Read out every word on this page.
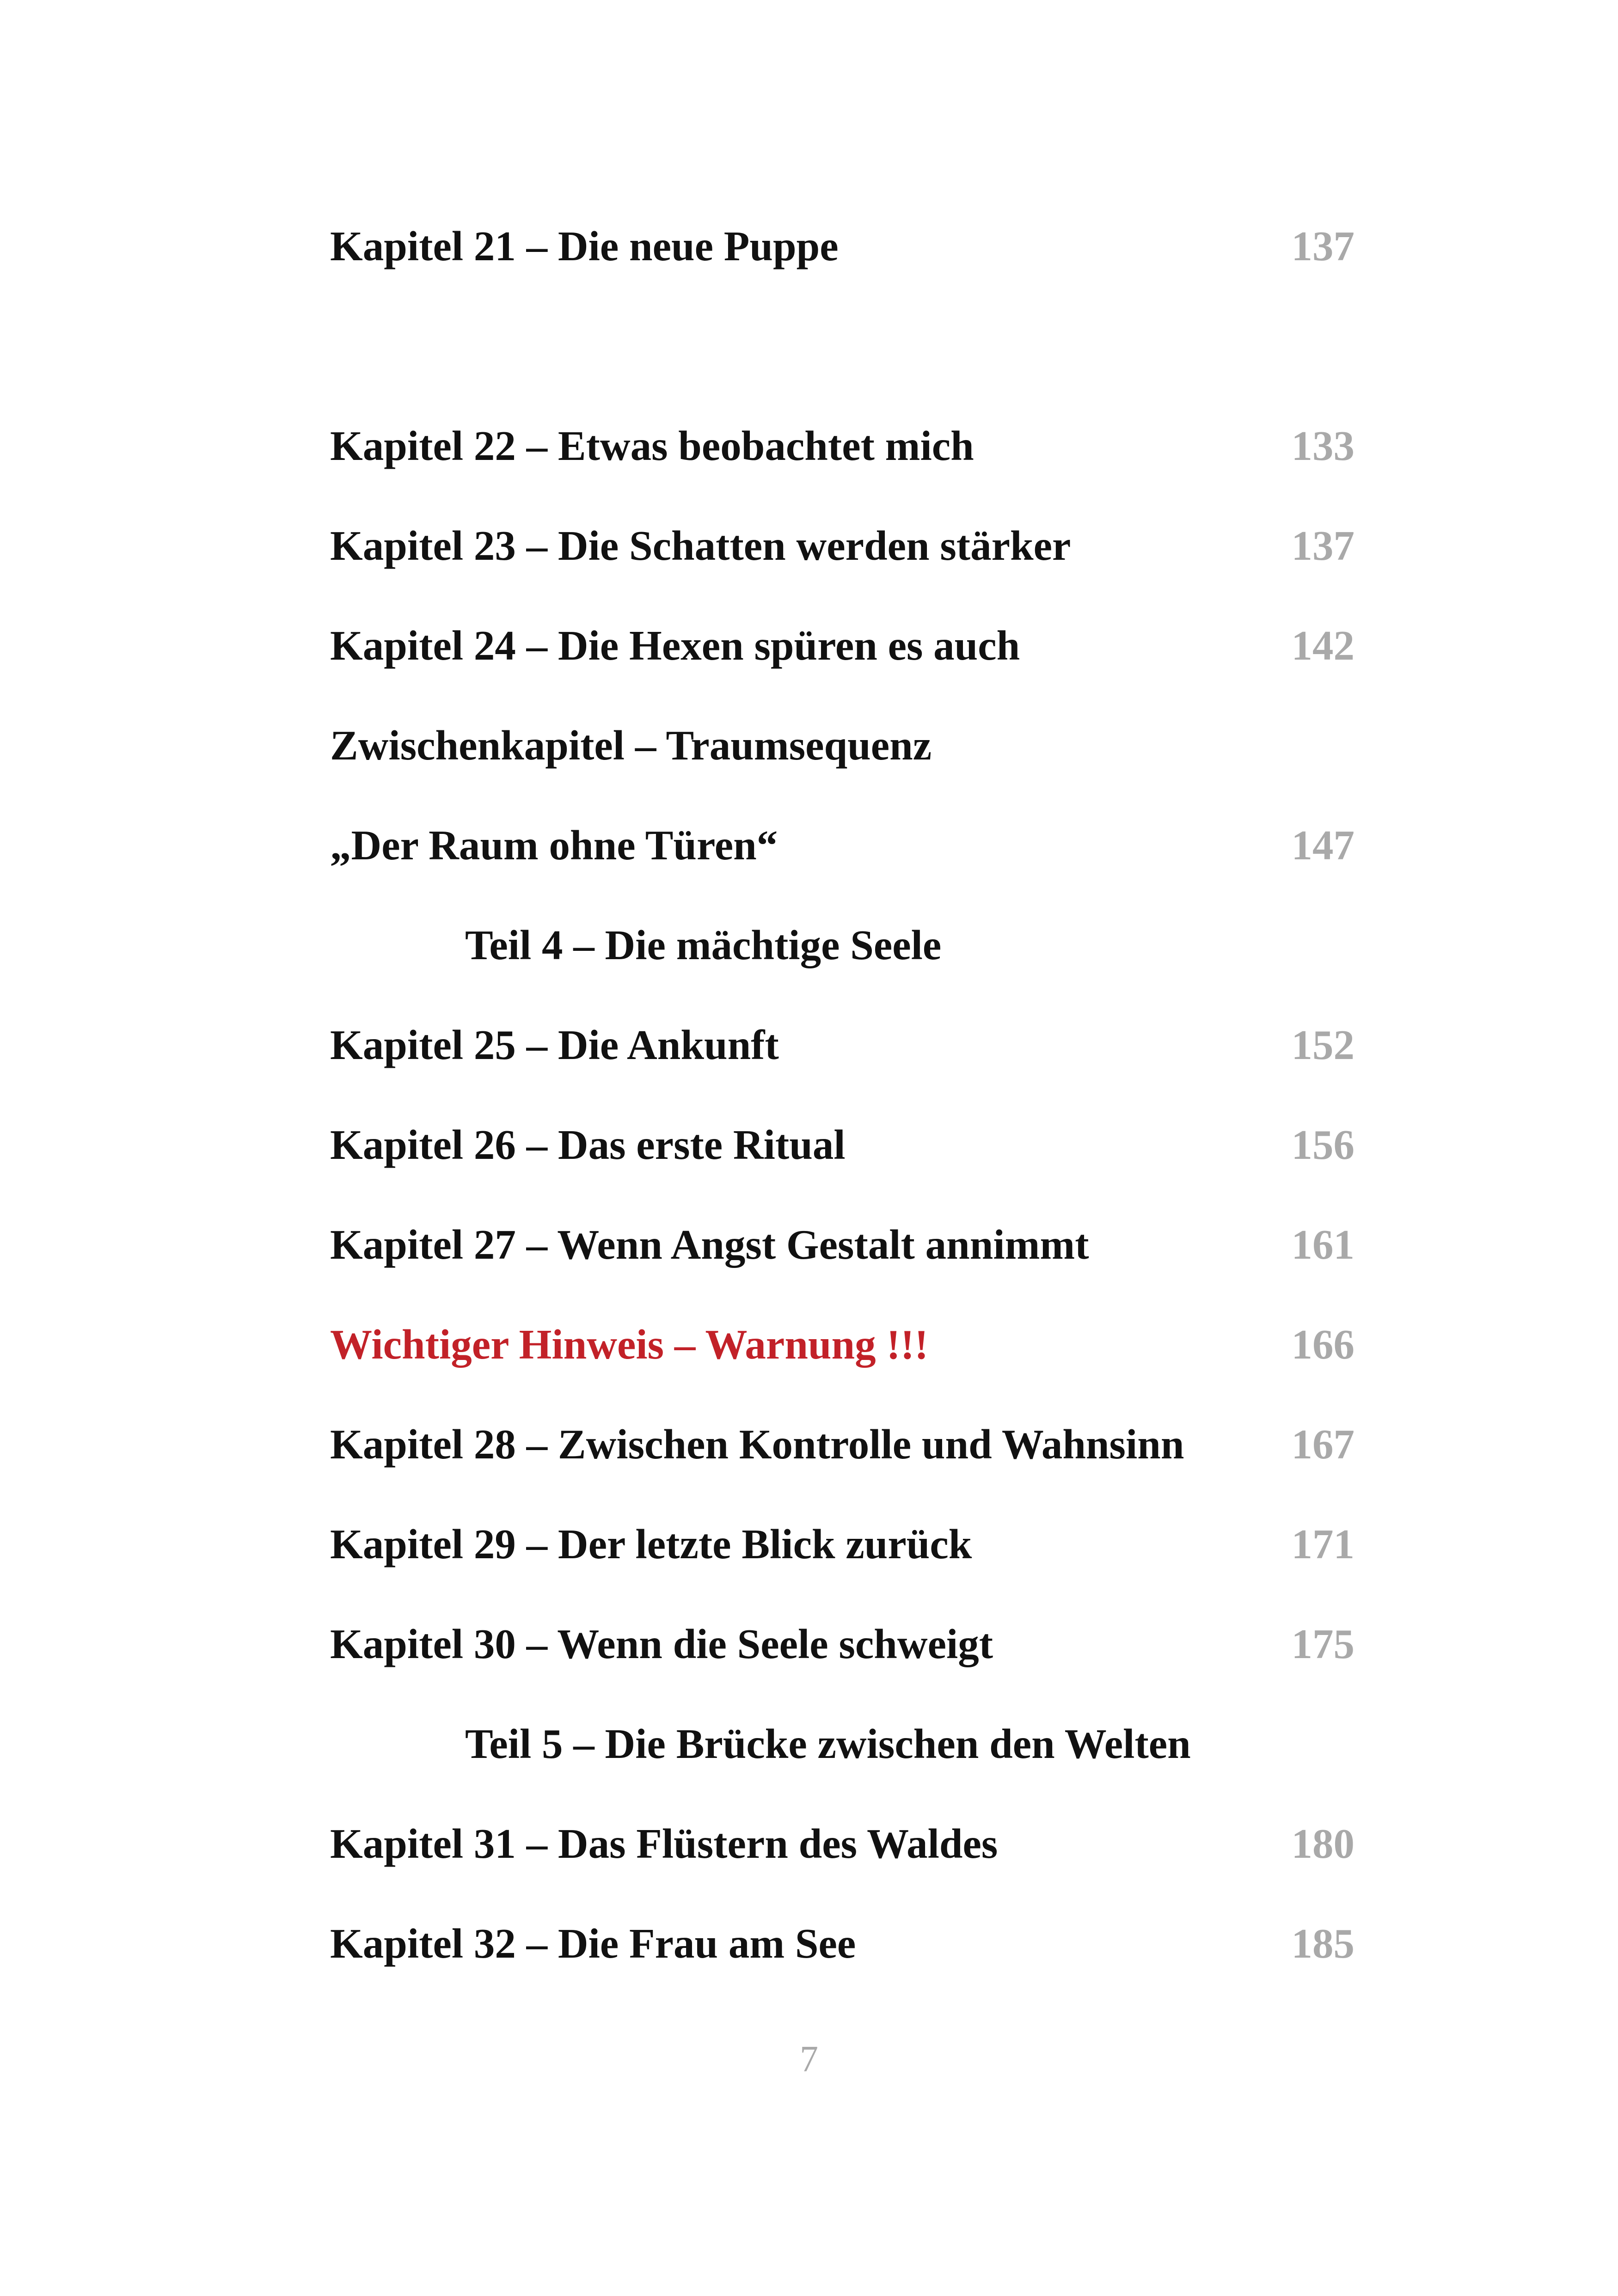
Kapitel 21 – Die neue Puppe	137
Kapitel 22 – Etwas beobachtet mich	133
Kapitel 23 – Die Schatten werden stärker	137
Kapitel 24 – Die Hexen spüren es auch	142
Zwischenkapitel – Traumsequenz
„Der Raum ohne Türen“	147
Teil 4 – Die mächtige Seele
Kapitel 25 – Die Ankunft	152
Kapitel 26 – Das erste Ritual	156
Kapitel 27 – Wenn Angst Gestalt annimmt	161
Wichtiger Hinweis – Warnung !!!	166
Kapitel 28 – Zwischen Kontrolle und Wahnsinn	167
Kapitel 29 – Der letzte Blick zurück	171
Kapitel 30 – Wenn die Seele schweigt	175
Teil 5 – Die Brücke zwischen den Welten
Kapitel 31 – Das Flüstern des Waldes	180
Kapitel 32 – Die Frau am See	185
7
